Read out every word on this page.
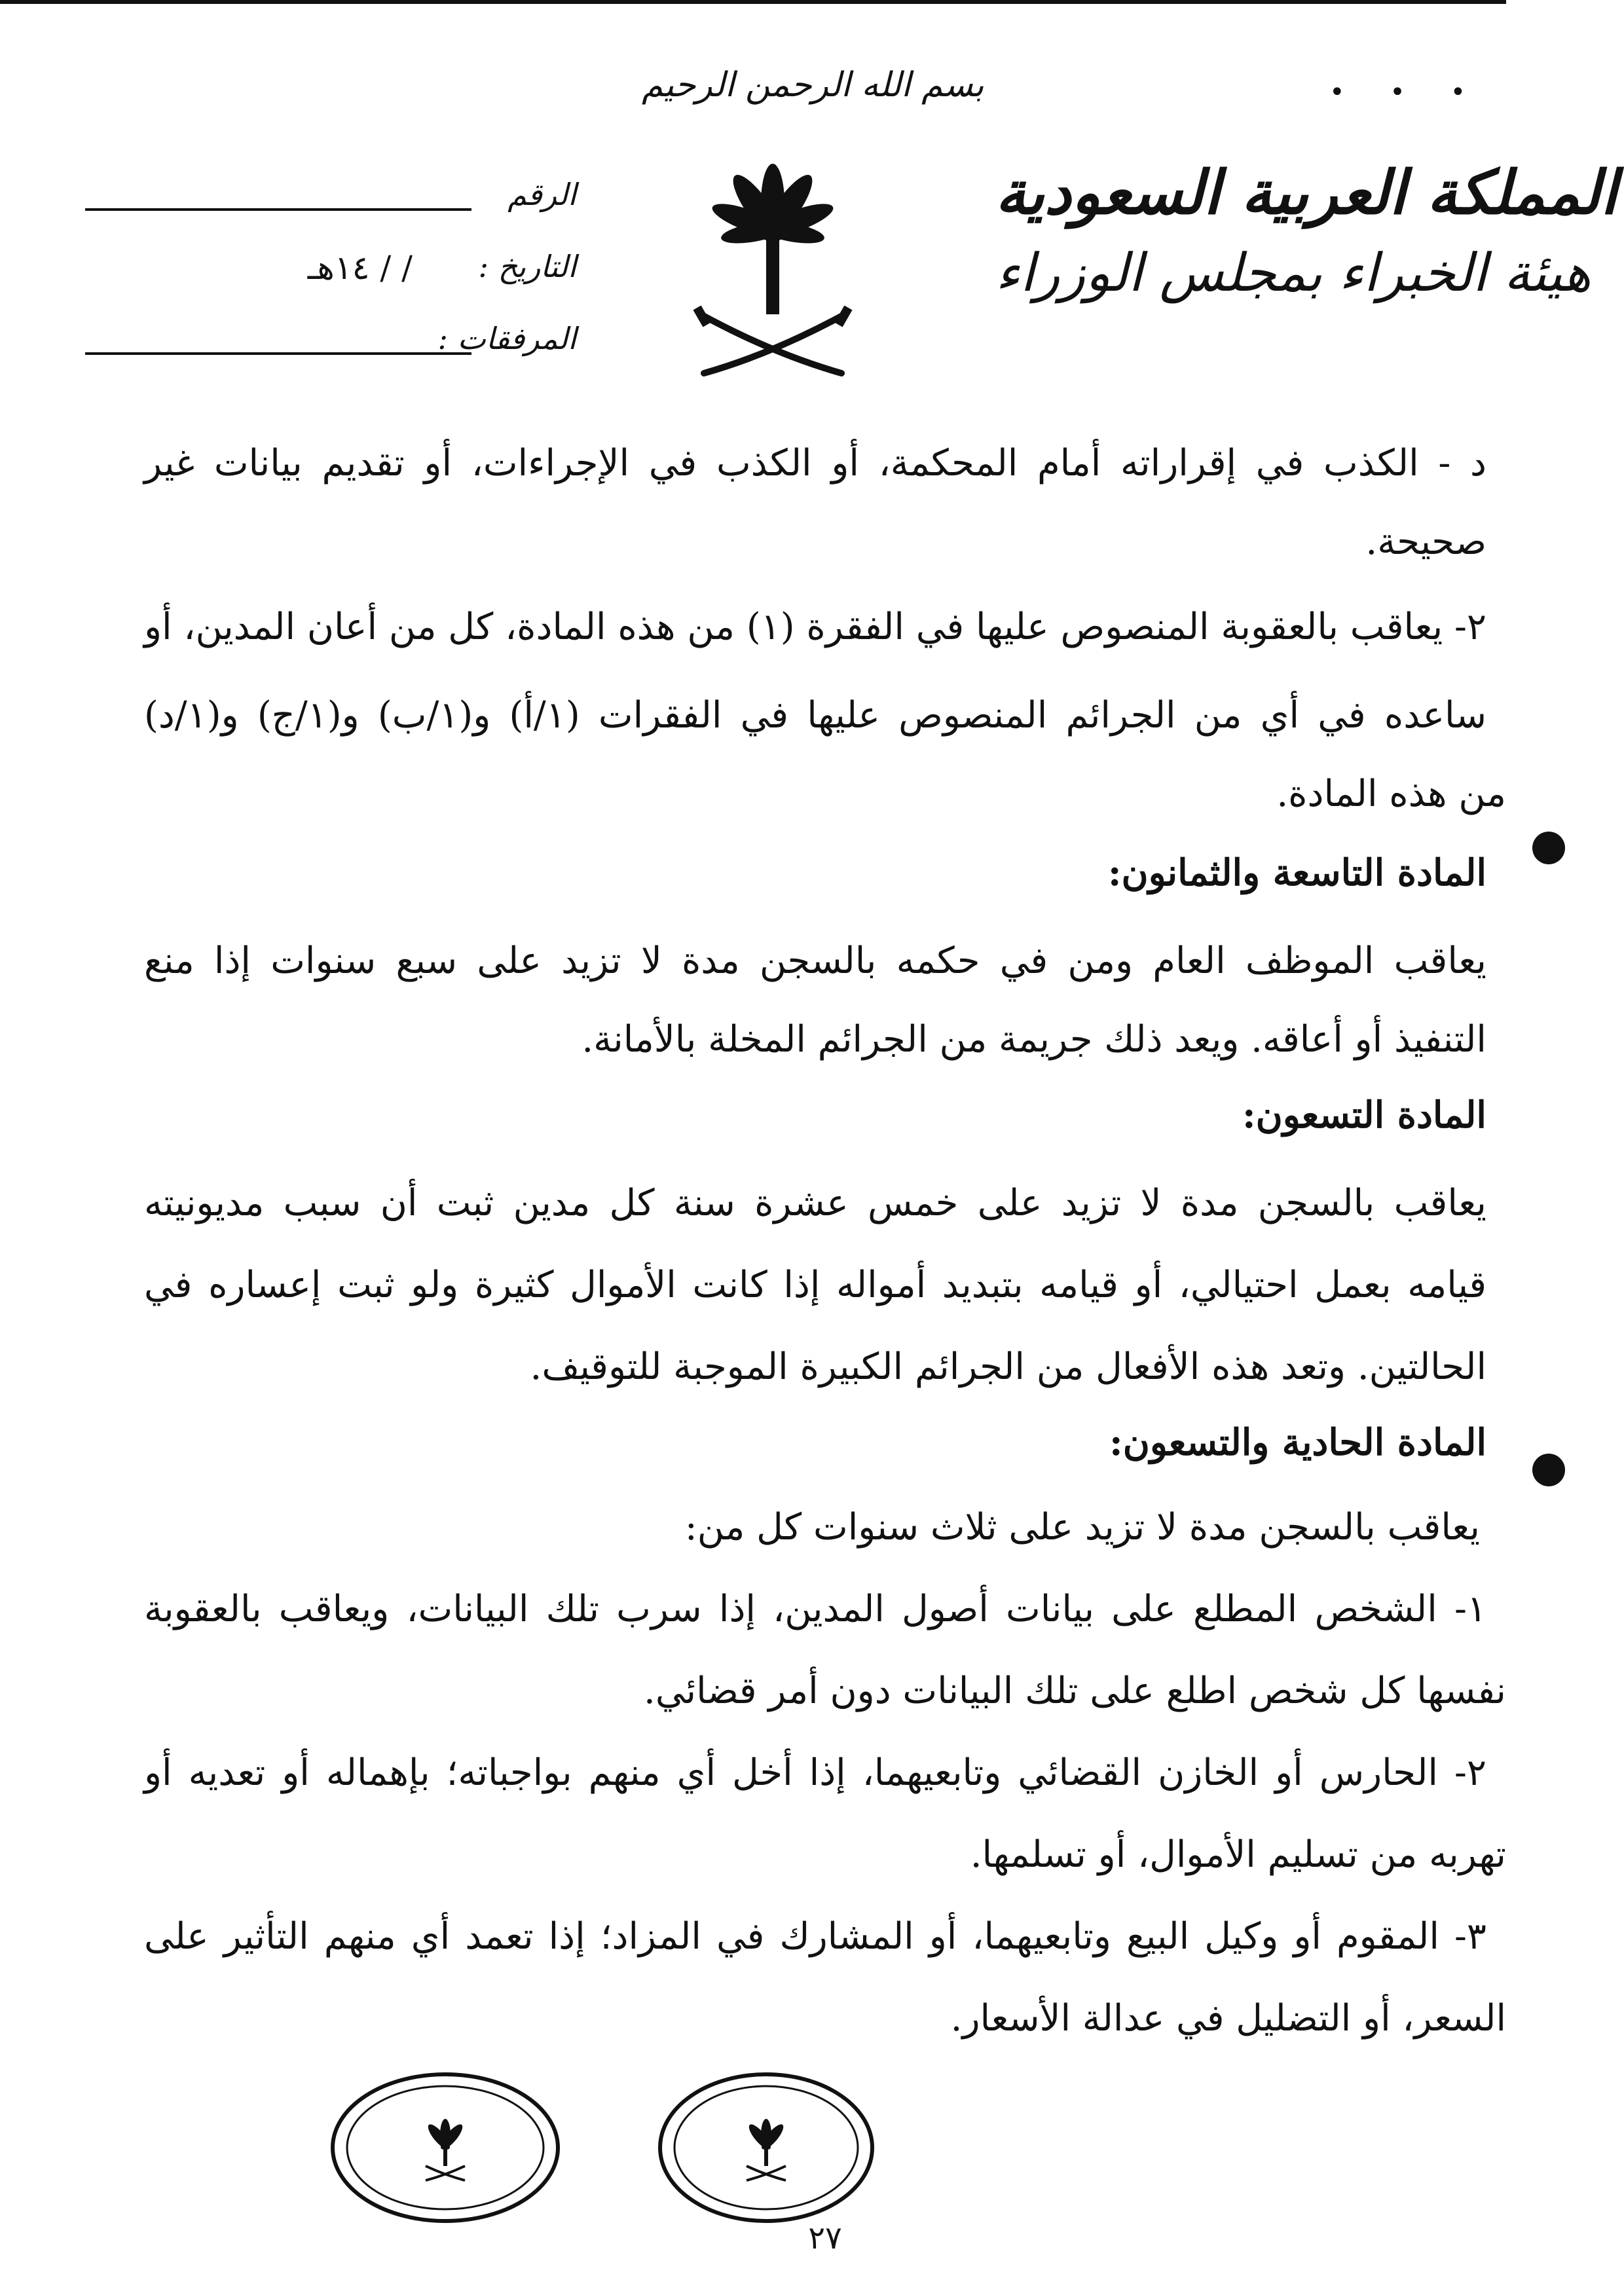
بسم الله الرحمن الرحيم	• • •
المملكة العربية السعودية
هيئة الخبراء بمجلس الوزراء
الرقم
التاريخ :
/ / ١٤هـ
المرفقات :
د - الكذب في إقراراته أمام المحكمة، أو الكذب في الإجراءات، أو تقديم بيانات غير
صحيحة.
٢- يعاقب بالعقوبة المنصوص عليها في الفقرة (١) من هذه المادة، كل من أعان المدين، أو
ساعده في أي من الجرائم المنصوص عليها في الفقرات (١/أ) و(١/ب) و(١/ج) و(١/د)
من هذه المادة.
المادة التاسعة والثمانون:
يعاقب الموظف العام ومن في حكمه بالسجن مدة لا تزيد على سبع سنوات إذا منع
التنفيذ أو أعاقه. ويعد ذلك جريمة من الجرائم المخلة بالأمانة.
المادة التسعون:
يعاقب بالسجن مدة لا تزيد على خمس عشرة سنة كل مدين ثبت أن سبب مديونيته
قيامه بعمل احتيالي، أو قيامه بتبديد أمواله إذا كانت الأموال كثيرة ولو ثبت إعساره في
الحالتين. وتعد هذه الأفعال من الجرائم الكبيرة الموجبة للتوقيف.
المادة الحادية والتسعون:
يعاقب بالسجن مدة لا تزيد على ثلاث سنوات كل من:
١- الشخص المطلع على بيانات أصول المدين، إذا سرب تلك البيانات، ويعاقب بالعقوبة
نفسها كل شخص اطلع على تلك البيانات دون أمر قضائي.
٢- الحارس أو الخازن القضائي وتابعيهما، إذا أخل أي منهم بواجباته؛ بإهماله أو تعديه أو
تهربه من تسليم الأموال، أو تسلمها.
٣- المقوم أو وكيل البيع وتابعيهما، أو المشارك في المزاد؛ إذا تعمد أي منهم التأثير على
السعر، أو التضليل في عدالة الأسعار.
٢٧
